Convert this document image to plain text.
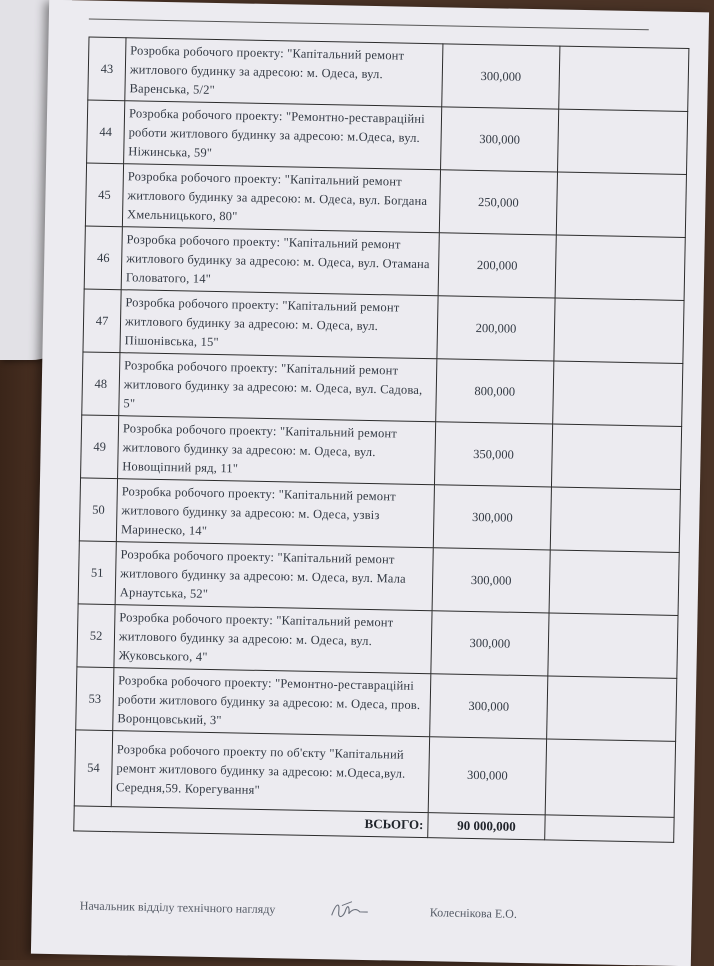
43	Розробка робочого проекту: "Капітальний ремонт житлового будинку за адресою: м. Одеса, вул. Варенська, 5/2"	300,000	
44	Розробка робочого проекту: "Ремонтно-реставраційні роботи житлового будинку за адресою: м.Одеса, вул. Ніжинська, 59"	300,000	
45	Розробка робочого проекту: "Капітальний ремонт житлового будинку за адресою: м. Одеса, вул. Богдана Хмельницького, 80"	250,000	
46	Розробка робочого проекту: "Капітальний ремонт житлового будинку за адресою: м. Одеса, вул. Отамана Головатого, 14"	200,000	
47	Розробка робочого проекту: "Капітальний ремонт житлового будинку за адресою: м. Одеса, вул. Пішонівська, 15"	200,000	
48	Розробка робочого проекту: "Капітальний ремонт житлового будинку за адресою: м. Одеса, вул. Садова, 5"	800,000	
49	Розробка робочого проекту: "Капітальний ремонт житлового будинку за адресою: м. Одеса, вул. Новощіпний ряд, 11"	350,000	
50	Розробка робочого проекту: "Капітальний ремонт житлового будинку за адресою: м. Одеса, узвіз Маринеско, 14"	300,000	
51	Розробка робочого проекту: "Капітальний ремонт житлового будинку за адресою: м. Одеса, вул. Мала Арнаутська, 52"	300,000	
52	Розробка робочого проекту: "Капітальний ремонт житлового будинку за адресою: м. Одеса, вул. Жуковського, 4"	300,000	
53	Розробка робочого проекту: "Ремонтно-реставраційні роботи житлового будинку за адресою: м. Одеса, пров. Воронцовський, 3"	300,000	
54	Розробка робочого проекту по об'єкту "Капітальний ремонт житлового будинку за адресою: м.Одеса,вул. Середня,59. Корегування"	300,000	
ВСЬОГО:		90 000,000	
Начальник відділу технічного нагляду	Колесніковa Е.О.
